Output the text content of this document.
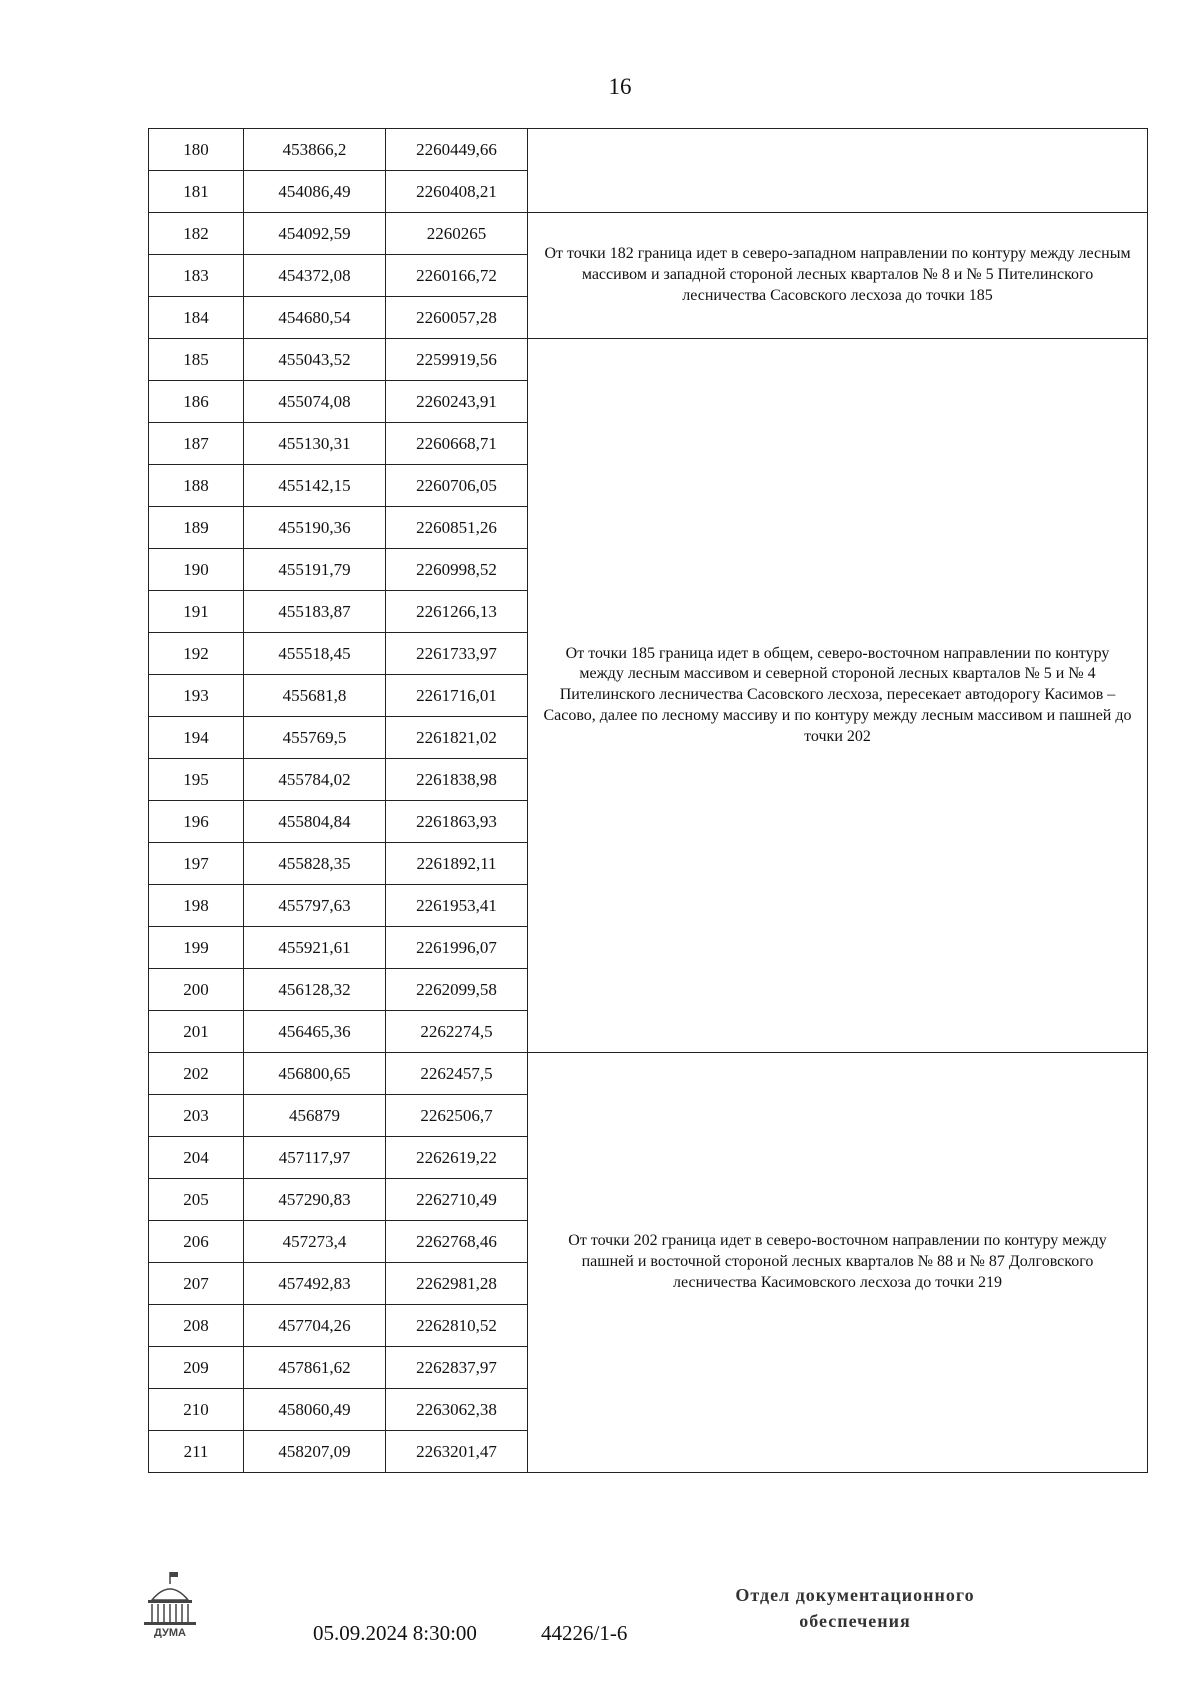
16
180	453866,2	2260449,66	
181	454086,49	2260408,21	
182	454092,59	2260265	От точки 182 граница идет в северо-западном направлении по контуру между лесным массивом и западной стороной лесных кварталов № 8 и № 5 Пителинского лесничества Сасовского лесхоза до точки 185
183	454372,08	2260166,72	
184	454680,54	2260057,28	
185	455043,52	2259919,56	От точки 185 граница идет в общем, северо-восточном направлении по контуру между лесным массивом и северной стороной лесных кварталов № 5 и № 4 Пителинского лесничества Сасовского лесхоза, пересекает автодорогу Касимов – Сасово, далее по лесному массиву и по контуру между лесным массивом и пашней до точки 202
186	455074,08	2260243,91	
187	455130,31	2260668,71	
188	455142,15	2260706,05	
189	455190,36	2260851,26	
190	455191,79	2260998,52	
191	455183,87	2261266,13	
192	455518,45	2261733,97	
193	455681,8	2261716,01	
194	455769,5	2261821,02	
195	455784,02	2261838,98	
196	455804,84	2261863,93	
197	455828,35	2261892,11	
198	455797,63	2261953,41	
199	455921,61	2261996,07	
200	456128,32	2262099,58	
201	456465,36	2262274,5	
202	456800,65	2262457,5	От точки 202 граница идет в северо-восточном направлении по контуру между пашней и восточной стороной лесных кварталов № 88 и № 87 Долговского лесничества Касимовского лесхоза до точки 219
203	456879	2262506,7	
204	457117,97	2262619,22	
205	457290,83	2262710,49	
206	457273,4	2262768,46	
207	457492,83	2262981,28	
208	457704,26	2262810,52	
209	457861,62	2262837,97	
210	458060,49	2263062,38	
211	458207,09	2263201,47	
ДУМА	05.09.2024 8:30:00	44226/1-6
Отдел документационного
обеспечения
